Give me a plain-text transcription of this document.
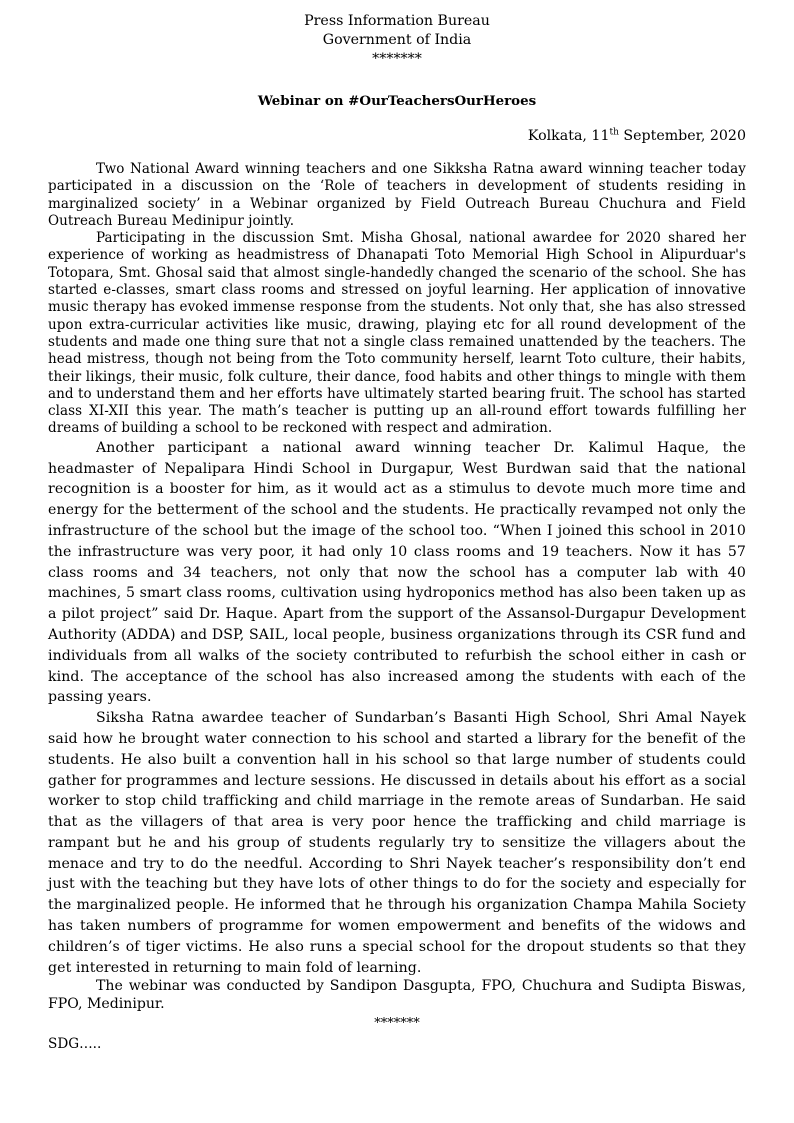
Press Information Bureau
Government of India
*******
Webinar on #OurTeachersOurHeroes
Kolkata, 11th September, 2020

Two National Award winning teachers and one Sikksha Ratna award winning teacher today participated in a discussion on the ‘Role of teachers in development of students residing in marginalized society’ in a Webinar organized by Field Outreach Bureau Chuchura and Field Outreach Bureau Medinipur jointly.

Participating in the discussion Smt. Misha Ghosal, national awardee for 2020 shared her experience of working as headmistress of Dhanapati Toto Memorial High School in Alipurduar's Totopara, Smt. Ghosal said that almost single-handedly changed the scenario of the school. She has started e-classes, smart class rooms and stressed on joyful learning. Her application of innovative music therapy has evoked immense response from the students. Not only that, she has also stressed upon extra-curricular activities like music, drawing, playing etc for all round development of the students and made one thing sure that not a single class remained unattended by the teachers. The head mistress, though not being from the Toto community herself, learnt Toto culture, their habits, their likings, their music, folk culture, their dance, food habits and other things to mingle with them and to understand them and her efforts have ultimately started bearing fruit. The school has started class XI-XII this year. The math’s teacher is putting up an all-round effort towards fulfilling her dreams of building a school to be reckoned with respect and admiration.

Another participant a national award winning teacher Dr. Kalimul Haque, the headmaster of Nepalipara Hindi School in Durgapur, West Burdwan said that the national recognition is a booster for him, as it would act as a stimulus to devote much more time and energy for the betterment of the school and the students. He practically revamped not only the infrastructure of the school but the image of the school too. “When I joined this school in 2010 the infrastructure was very poor, it had only 10 class rooms and 19 teachers. Now it has 57 class rooms and 34 teachers, not only that now the school has a computer lab with 40 machines, 5 smart class rooms, cultivation using hydroponics method has also been taken up as a pilot project” said Dr. Haque. Apart from the support of the Assansol-Durgapur Development Authority (ADDA) and DSP, SAIL, local people, business organizations through its CSR fund and individuals from all walks of the society contributed to refurbish the school either in cash or kind. The acceptance of the school has also increased among the students with each of the passing years.

Siksha Ratna awardee teacher of Sundarban’s Basanti High School, Shri Amal Nayek said how he brought water connection to his school and started a library for the benefit of the students. He also built a convention hall in his school so that large number of students could gather for programmes and lecture sessions. He discussed in details about his effort as a social worker to stop child trafficking and child marriage in the remote areas of Sundarban. He said that as the villagers of that area is very poor hence the trafficking and child marriage is rampant but he and his group of students regularly try to sensitize the villagers about the menace and try to do the needful. According to Shri Nayek teacher’s responsibility don’t end just with the teaching but they have lots of other things to do for the society and especially for the marginalized people. He informed that he through his organization Champa Mahila Society has taken numbers of programme for women empowerment and benefits of the widows and children’s of tiger victims. He also runs a special school for the dropout students so that they get interested in returning to main fold of learning.

The webinar was conducted by Sandipon Dasgupta, FPO, Chuchura and Sudipta Biswas, FPO, Medinipur.

*******
SDG…..
